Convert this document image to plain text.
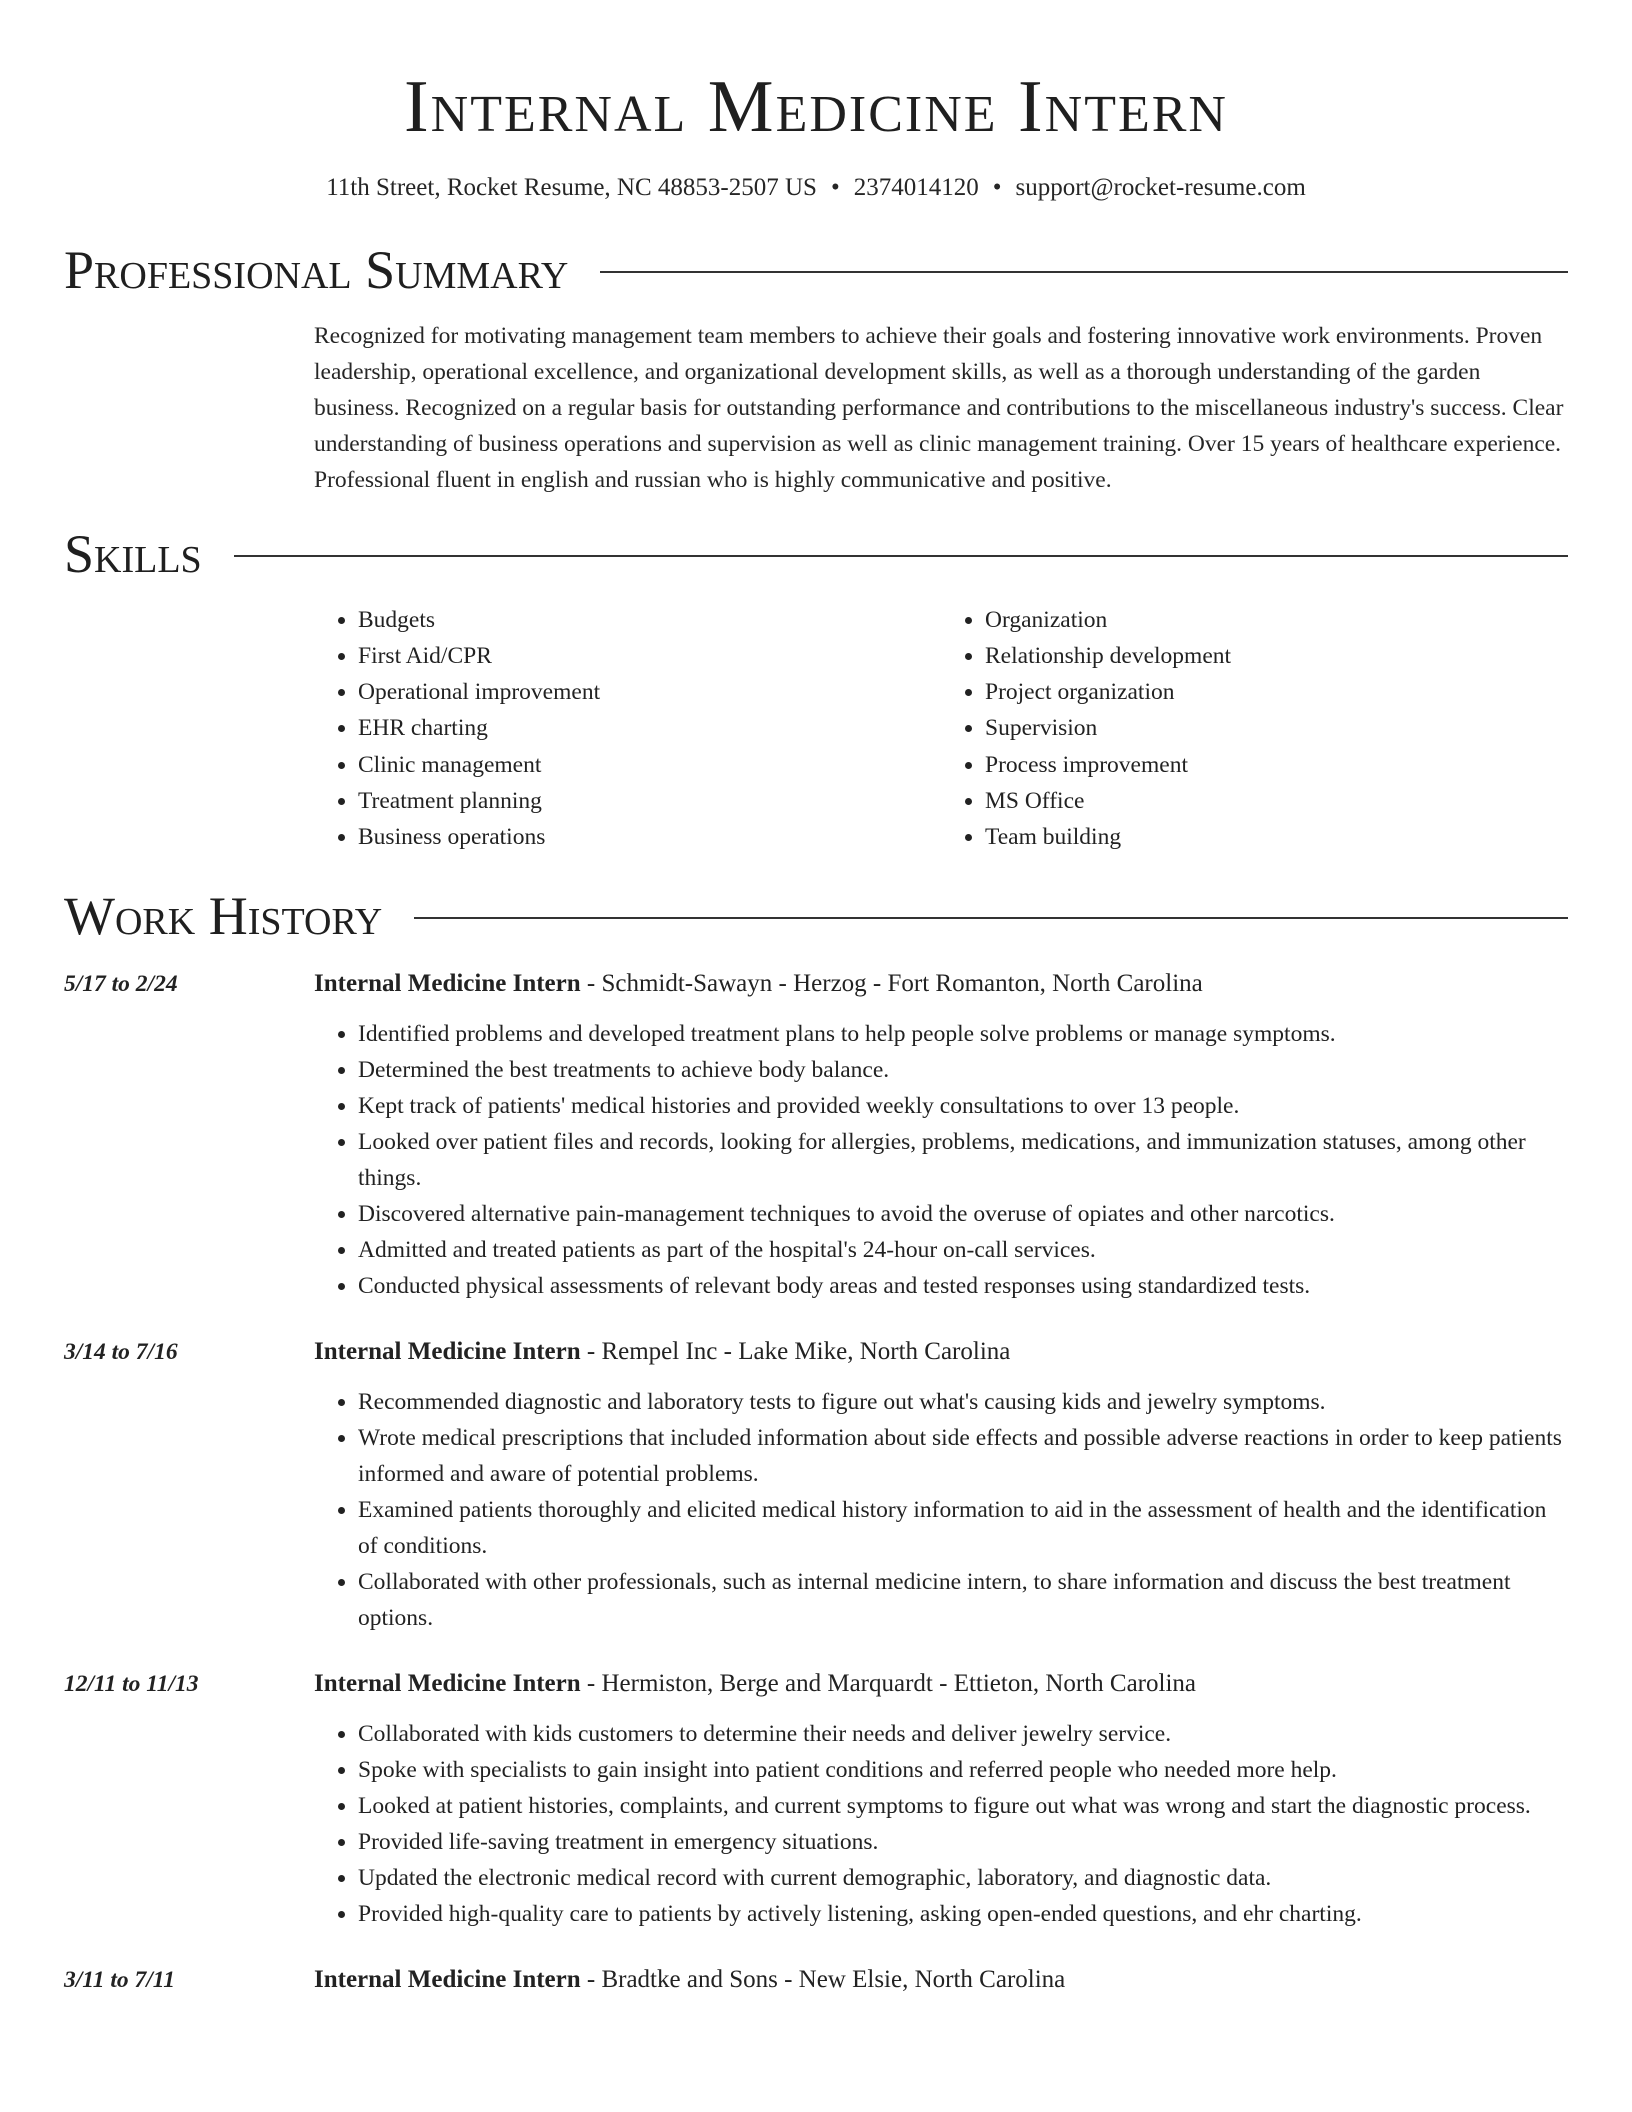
Internal Medicine Intern
11th Street, Rocket Resume, NC 48853-2507 US • 2374014120 • support@rocket-resume.com
Professional Summary

Recognized for motivating management team members to achieve their goals and fostering innovative work environments. Proven leadership, operational excellence, and organizational development skills, as well as a thorough understanding of the garden business. Recognized on a regular basis for outstanding performance and contributions to the miscellaneous industry's success. Clear understanding of business operations and supervision as well as clinic management training. Over 15 years of healthcare experience. Professional fluent in english and russian who is highly communicative and positive.

Skills
• Budgets
• First Aid/CPR
• Operational improvement
• EHR charting
• Clinic management
• Treatment planning
• Business operations
• Organization
• Relationship development
• Project organization
• Supervision
• Process improvement
• MS Office
• Team building
Work History
5/17 to 2/24	Internal Medicine Intern - Schmidt-Sawayn - Herzog - Fort Romanton, North Carolina
• Identified problems and developed treatment plans to help people solve problems or manage symptoms.
• Determined the best treatments to achieve body balance.
• Kept track of patients' medical histories and provided weekly consultations to over 13 people.
• Looked over patient files and records, looking for allergies, problems, medications, and immunization statuses, among other things.
• Discovered alternative pain-management techniques to avoid the overuse of opiates and other narcotics.
• Admitted and treated patients as part of the hospital's 24-hour on-call services.
• Conducted physical assessments of relevant body areas and tested responses using standardized tests.
3/14 to 7/16	Internal Medicine Intern - Rempel Inc - Lake Mike, North Carolina
• Recommended diagnostic and laboratory tests to figure out what's causing kids and jewelry symptoms.
• Wrote medical prescriptions that included information about side effects and possible adverse reactions in order to keep patients informed and aware of potential problems.
• Examined patients thoroughly and elicited medical history information to aid in the assessment of health and the identification of conditions.
• Collaborated with other professionals, such as internal medicine intern, to share information and discuss the best treatment options.
12/11 to 11/13	Internal Medicine Intern - Hermiston, Berge and Marquardt - Ettieton, North Carolina
• Collaborated with kids customers to determine their needs and deliver jewelry service.
• Spoke with specialists to gain insight into patient conditions and referred people who needed more help.
• Looked at patient histories, complaints, and current symptoms to figure out what was wrong and start the diagnostic process.
• Provided life-saving treatment in emergency situations.
• Updated the electronic medical record with current demographic, laboratory, and diagnostic data.
• Provided high-quality care to patients by actively listening, asking open-ended questions, and ehr charting.
3/11 to 7/11	Internal Medicine Intern - Bradtke and Sons - New Elsie, North Carolina
